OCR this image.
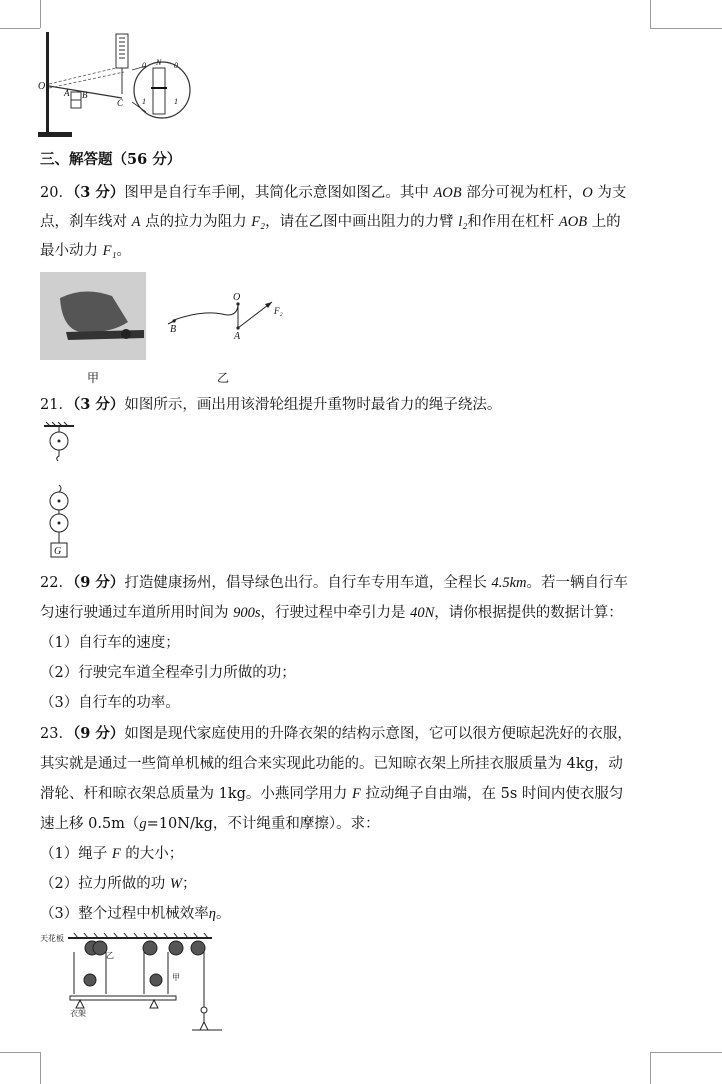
O
A B
C
N
0	0
1	1
三、解答题（56 分）
20．（3 分）图甲是自行车手闸，其简化示意图如图乙。其中 AOB 部分可视为杠杆，O 为支
点，刹车线对 A 点的拉力为阻力 F₂，请在乙图中画出阻力的力臂 l₂和作用在杠杆 AOB 上的
最小动力 F₁。
甲
O
A
B
F₂
乙
21．（3 分）如图所示，画出用该滑轮组提升重物时最省力的绳子绕法。
G
22．（9 分）打造健康扬州，倡导绿色出行。自行车专用车道，全程长 4.5km。若一辆自行车
匀速行驶通过车道所用时间为 900s，行驶过程中牵引力是 40N，请你根据提供的数据计算：
（1）自行车的速度；
（2）行驶完车道全程牵引力所做的功；
（3）自行车的功率。
23．（9 分）如图是现代家庭使用的升降衣架的结构示意图，它可以很方便晾起洗好的衣服，
其实就是通过一些简单机械的组合来实现此功能的。已知晾衣架上所挂衣服质量为 4kg，动
滑轮、杆和晾衣架总质量为 1kg。小燕同学用力 F 拉动绳子自由端，在 5s 时间内使衣服匀
速上移 0.5m（g=10N/kg，不计绳重和摩擦）。求：
（1）绳子 F 的大小；
（2）拉力所做的功 W；
（3）整个过程中机械效率η。
天花板
衣架
乙
甲
